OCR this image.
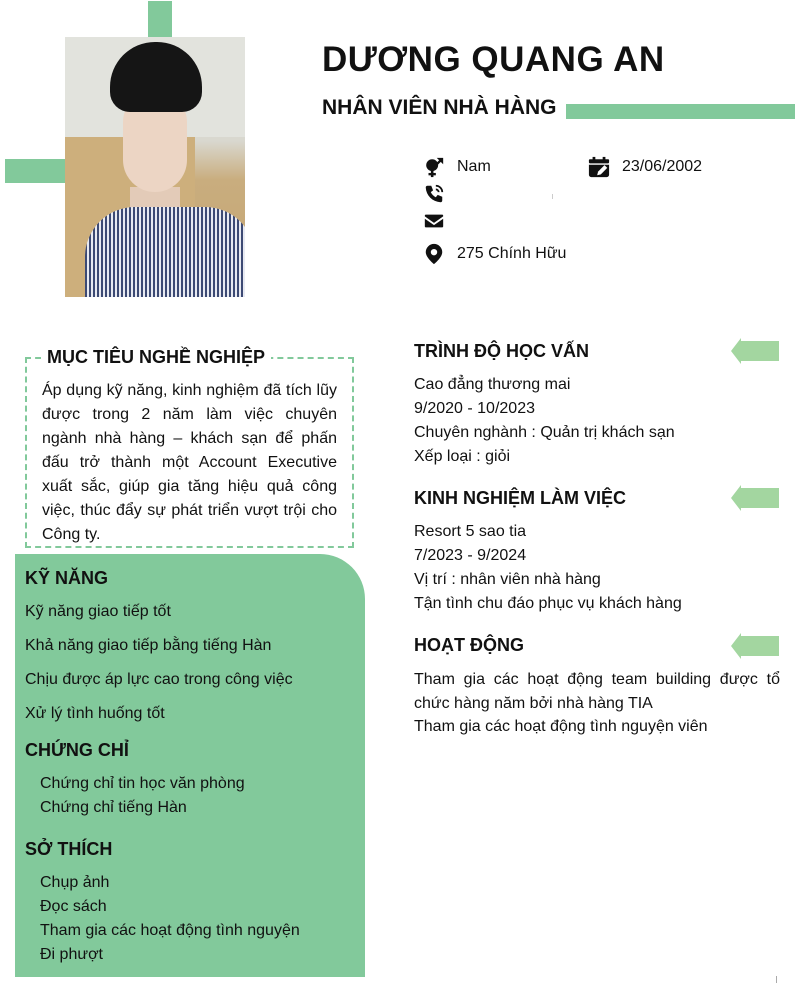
DƯƠNG QUANG AN
NHÂN VIÊN NHÀ HÀNG
Nam	23/06/2002
275 Chính Hữu
MỤC TIÊU NGHỀ NGHIỆP
Áp dụng kỹ năng, kinh nghiệm đã tích lũy được trong 2 năm làm việc chuyên ngành nhà hàng – khách sạn để phấn đấu trở thành một Account Executive xuất sắc, giúp gia tăng hiệu quả công việc, thúc đẩy sự phát triển vượt trội cho Công ty.
KỸ NĂNG
Kỹ năng giao tiếp tốt
Khả năng giao tiếp bằng tiếng Hàn
Chịu được áp lực cao trong công việc
Xử lý tình huống tốt
CHỨNG CHỈ
Chứng chỉ tin học văn phòng
Chứng chỉ tiếng Hàn
SỞ THÍCH
Chụp ảnh
Đọc sách
Tham gia các hoạt động tình nguyện
Đi phượt
TRÌNH ĐỘ HỌC VẤN
Cao đẳng thương mai
9/2020 - 10/2023
Chuyên nghành : Quản trị khách sạn
Xếp loại : giỏi
KINH NGHIỆM LÀM VIỆC
Resort 5 sao tia
7/2023 - 9/2024
Vị trí : nhân viên nhà hàng
Tận tình chu đáo phục vụ khách hàng
HOẠT ĐỘNG
Tham gia các hoạt động team building được tổ chức hàng năm bởi nhà hàng TIA
Tham gia các hoạt động tình nguyện viên
